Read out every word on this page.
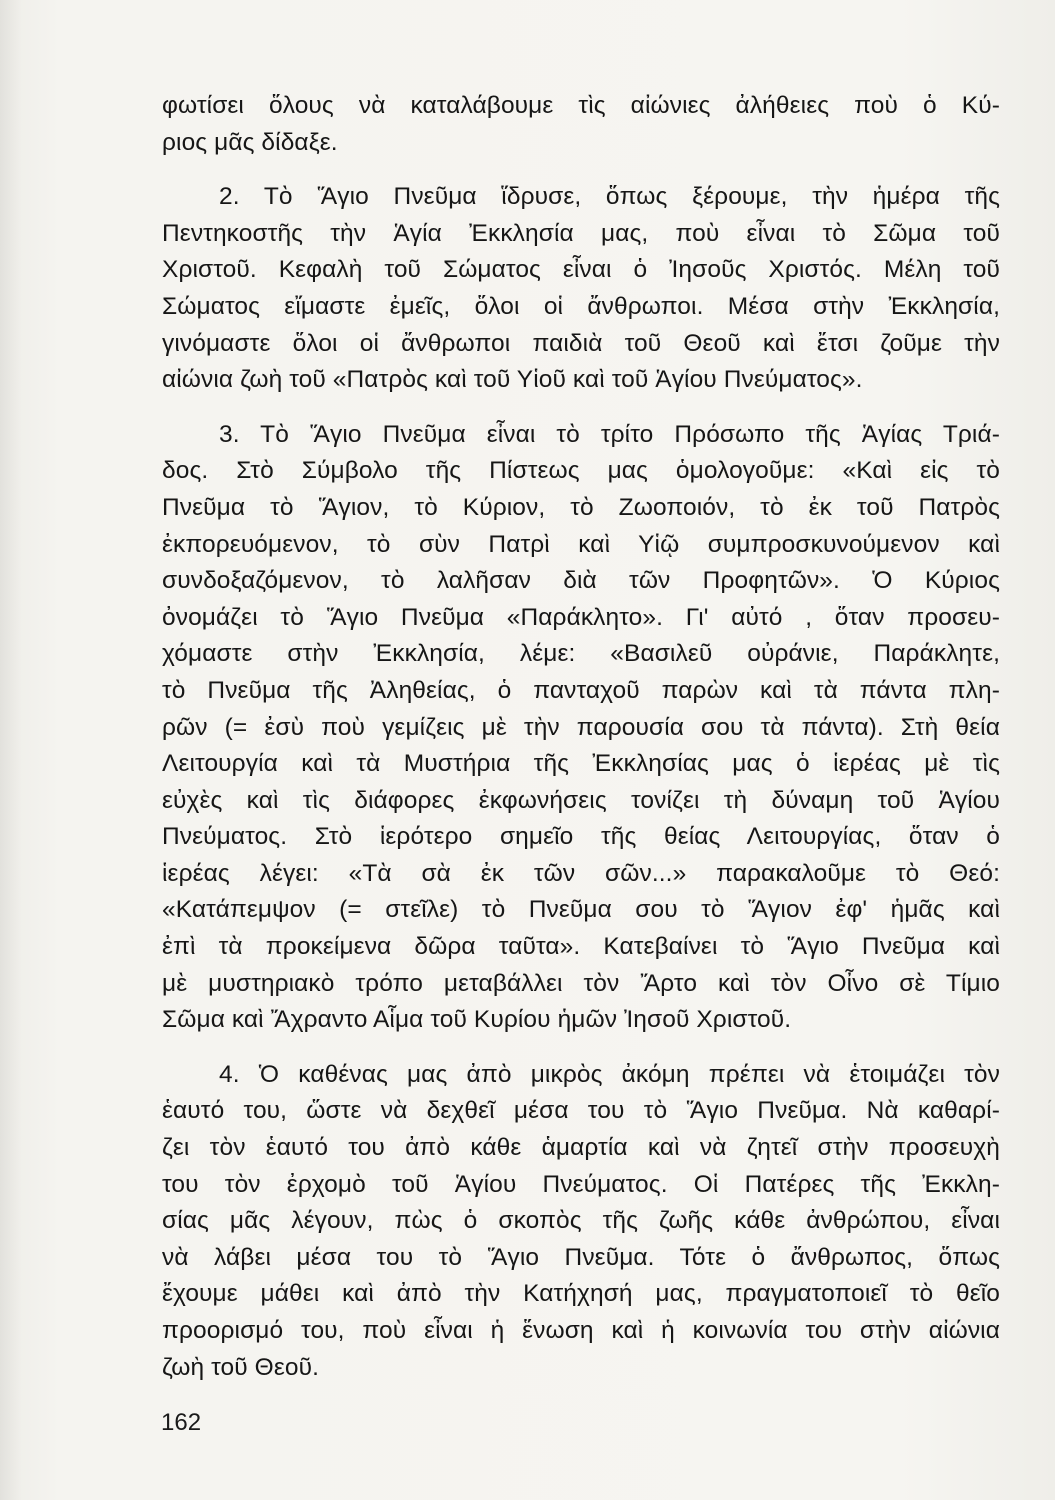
φωτίσει ὅλους νὰ καταλάβουμε τὶς αἰώνιες ἀλήθειες ποὺ ὁ Κύ-
ριος μᾶς δίδαξε.
2. Τὸ Ἅγιο Πνεῦμα ἵδρυσε, ὅπως ξέρουμε, τὴν ἡμέρα τῆς
Πεντηκοστῆς τὴν Ἁγία Ἐκκλησία μας, ποὺ εἶναι τὸ Σῶμα τοῦ
Χριστοῦ. Κεφαλὴ τοῦ Σώματος εἶναι ὁ Ἰησοῦς Χριστός. Μέλη τοῦ
Σώματος εἴμαστε ἐμεῖς, ὅλοι οἱ ἄνθρωποι. Μέσα στὴν Ἐκκλησία,
γινόμαστε ὅλοι οἱ ἄνθρωποι παιδιὰ τοῦ Θεοῦ καὶ ἔτσι ζοῦμε τὴν
αἰώνια ζωὴ τοῦ «Πατρὸς καὶ τοῦ Υἱοῦ καὶ τοῦ Ἁγίου Πνεύματος».
3. Τὸ Ἅγιο Πνεῦμα εἶναι τὸ τρίτο Πρόσωπο τῆς Ἁγίας Τριά-
δος. Στὸ Σύμβολο τῆς Πίστεως μας ὁμολογοῦμε: «Καὶ εἰς τὸ
Πνεῦμα τὸ Ἅγιον, τὸ Κύριον, τὸ Ζωοποιόν, τὸ ἐκ τοῦ Πατρὸς
ἐκπορευόμενον, τὸ σὺν Πατρὶ καὶ Υἱῷ συμπροσκυνούμενον καὶ
συνδοξαζόμενον, τὸ λαλῆσαν διὰ τῶν Προφητῶν». Ὁ Κύριος
ὀνομάζει τὸ Ἅγιο Πνεῦμα «Παράκλητο». Γι' αὐτό , ὅταν προσευ-
χόμαστε στὴν Ἐκκλησία, λέμε: «Βασιλεῦ οὐράνιε, Παράκλητε,
τὸ Πνεῦμα τῆς Ἀληθείας, ὁ πανταχοῦ παρὼν καὶ τὰ πάντα πλη-
ρῶν (= ἐσὺ ποὺ γεμίζεις μὲ τὴν παρουσία σου τὰ πάντα). Στὴ θεία
Λειτουργία καὶ τὰ Μυστήρια τῆς Ἐκκλησίας μας ὁ ἱερέας μὲ τὶς
εὐχὲς καὶ τὶς διάφορες ἐκφωνήσεις τονίζει τὴ δύναμη τοῦ Ἁγίου
Πνεύματος. Στὸ ἱερότερο σημεῖο τῆς θείας Λειτουργίας, ὅταν ὁ
ἱερέας λέγει: «Τὰ σὰ ἐκ τῶν σῶν...» παρακαλοῦμε τὸ Θεό:
«Κατάπεμψον (= στεῖλε) τὸ Πνεῦμα σου τὸ Ἅγιον ἐφ' ἡμᾶς καὶ
ἐπὶ τὰ προκείμενα δῶρα ταῦτα». Κατεβαίνει τὸ Ἅγιο Πνεῦμα καὶ
μὲ μυστηριακὸ τρόπο μεταβάλλει τὸν Ἄρτο καὶ τὸν Οἶνο σὲ Τίμιο
Σῶμα καὶ Ἄχραντο Αἷμα τοῦ Κυρίου ἡμῶν Ἰησοῦ Χριστοῦ.
4. Ὁ καθένας μας ἀπὸ μικρὸς ἀκόμη πρέπει νὰ ἑτοιμάζει τὸν
ἑαυτό του, ὥστε νὰ δεχθεῖ μέσα του τὸ Ἅγιο Πνεῦμα. Νὰ καθαρί-
ζει τὸν ἑαυτό του ἀπὸ κάθε ἁμαρτία καὶ νὰ ζητεῖ στὴν προσευχὴ
του τὸν ἐρχομὸ τοῦ Ἁγίου Πνεύματος. Οἱ Πατέρες τῆς Ἐκκλη-
σίας μᾶς λέγουν, πὼς ὁ σκοπὸς τῆς ζωῆς κάθε ἀνθρώπου, εἶναι
νὰ λάβει μέσα του τὸ Ἅγιο Πνεῦμα. Τότε ὁ ἄνθρωπος, ὅπως
ἔχουμε μάθει καὶ ἀπὸ τὴν Κατήχησή μας, πραγματοποιεῖ τὸ θεῖο
προορισμό του, ποὺ εἶναι ἡ ἕνωση καὶ ἡ κοινωνία του στὴν αἰώνια
ζωὴ τοῦ Θεοῦ.
162
